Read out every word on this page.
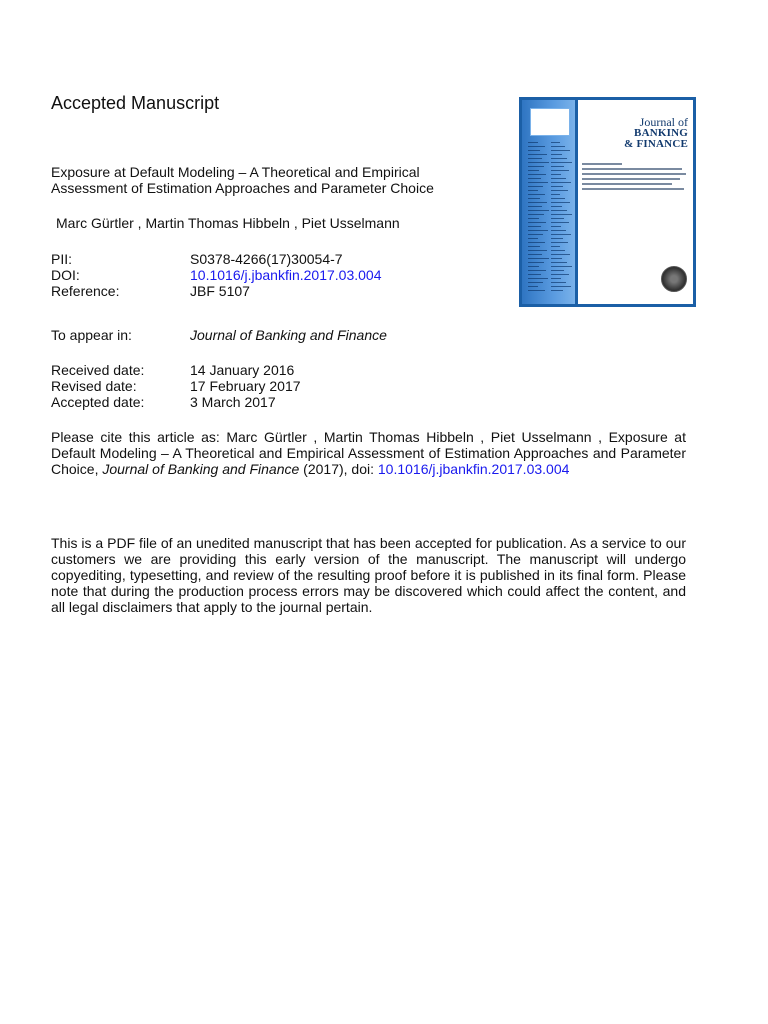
Accepted Manuscript
Exposure at Default Modeling – A Theoretical and Empirical Assessment of Estimation Approaches and Parameter Choice
Marc Gürtler , Martin Thomas Hibbeln , Piet Usselmann
PII:	S0378-4266(17)30054-7
DOI:	10.1016/j.jbankfin.2017.03.004
Reference:	JBF 5107
To appear in:	Journal of Banking and Finance
Received date:	14 January 2016
Revised date:	17 February 2017
Accepted date:	3 March 2017
Please cite this article as: Marc Gürtler , Martin Thomas Hibbeln , Piet Usselmann , Exposure at Default Modeling – A Theoretical and Empirical Assessment of Estimation Approaches and Parameter Choice, Journal of Banking and Finance (2017), doi: 10.1016/j.jbankfin.2017.03.004
This is a PDF file of an unedited manuscript that has been accepted for publication. As a service to our customers we are providing this early version of the manuscript. The manuscript will undergo copyediting, typesetting, and review of the resulting proof before it is published in its final form. Please note that during the production process errors may be discovered which could affect the content, and all legal disclaimers that apply to the journal pertain.
Journal of
BANKING
& FINANCE
